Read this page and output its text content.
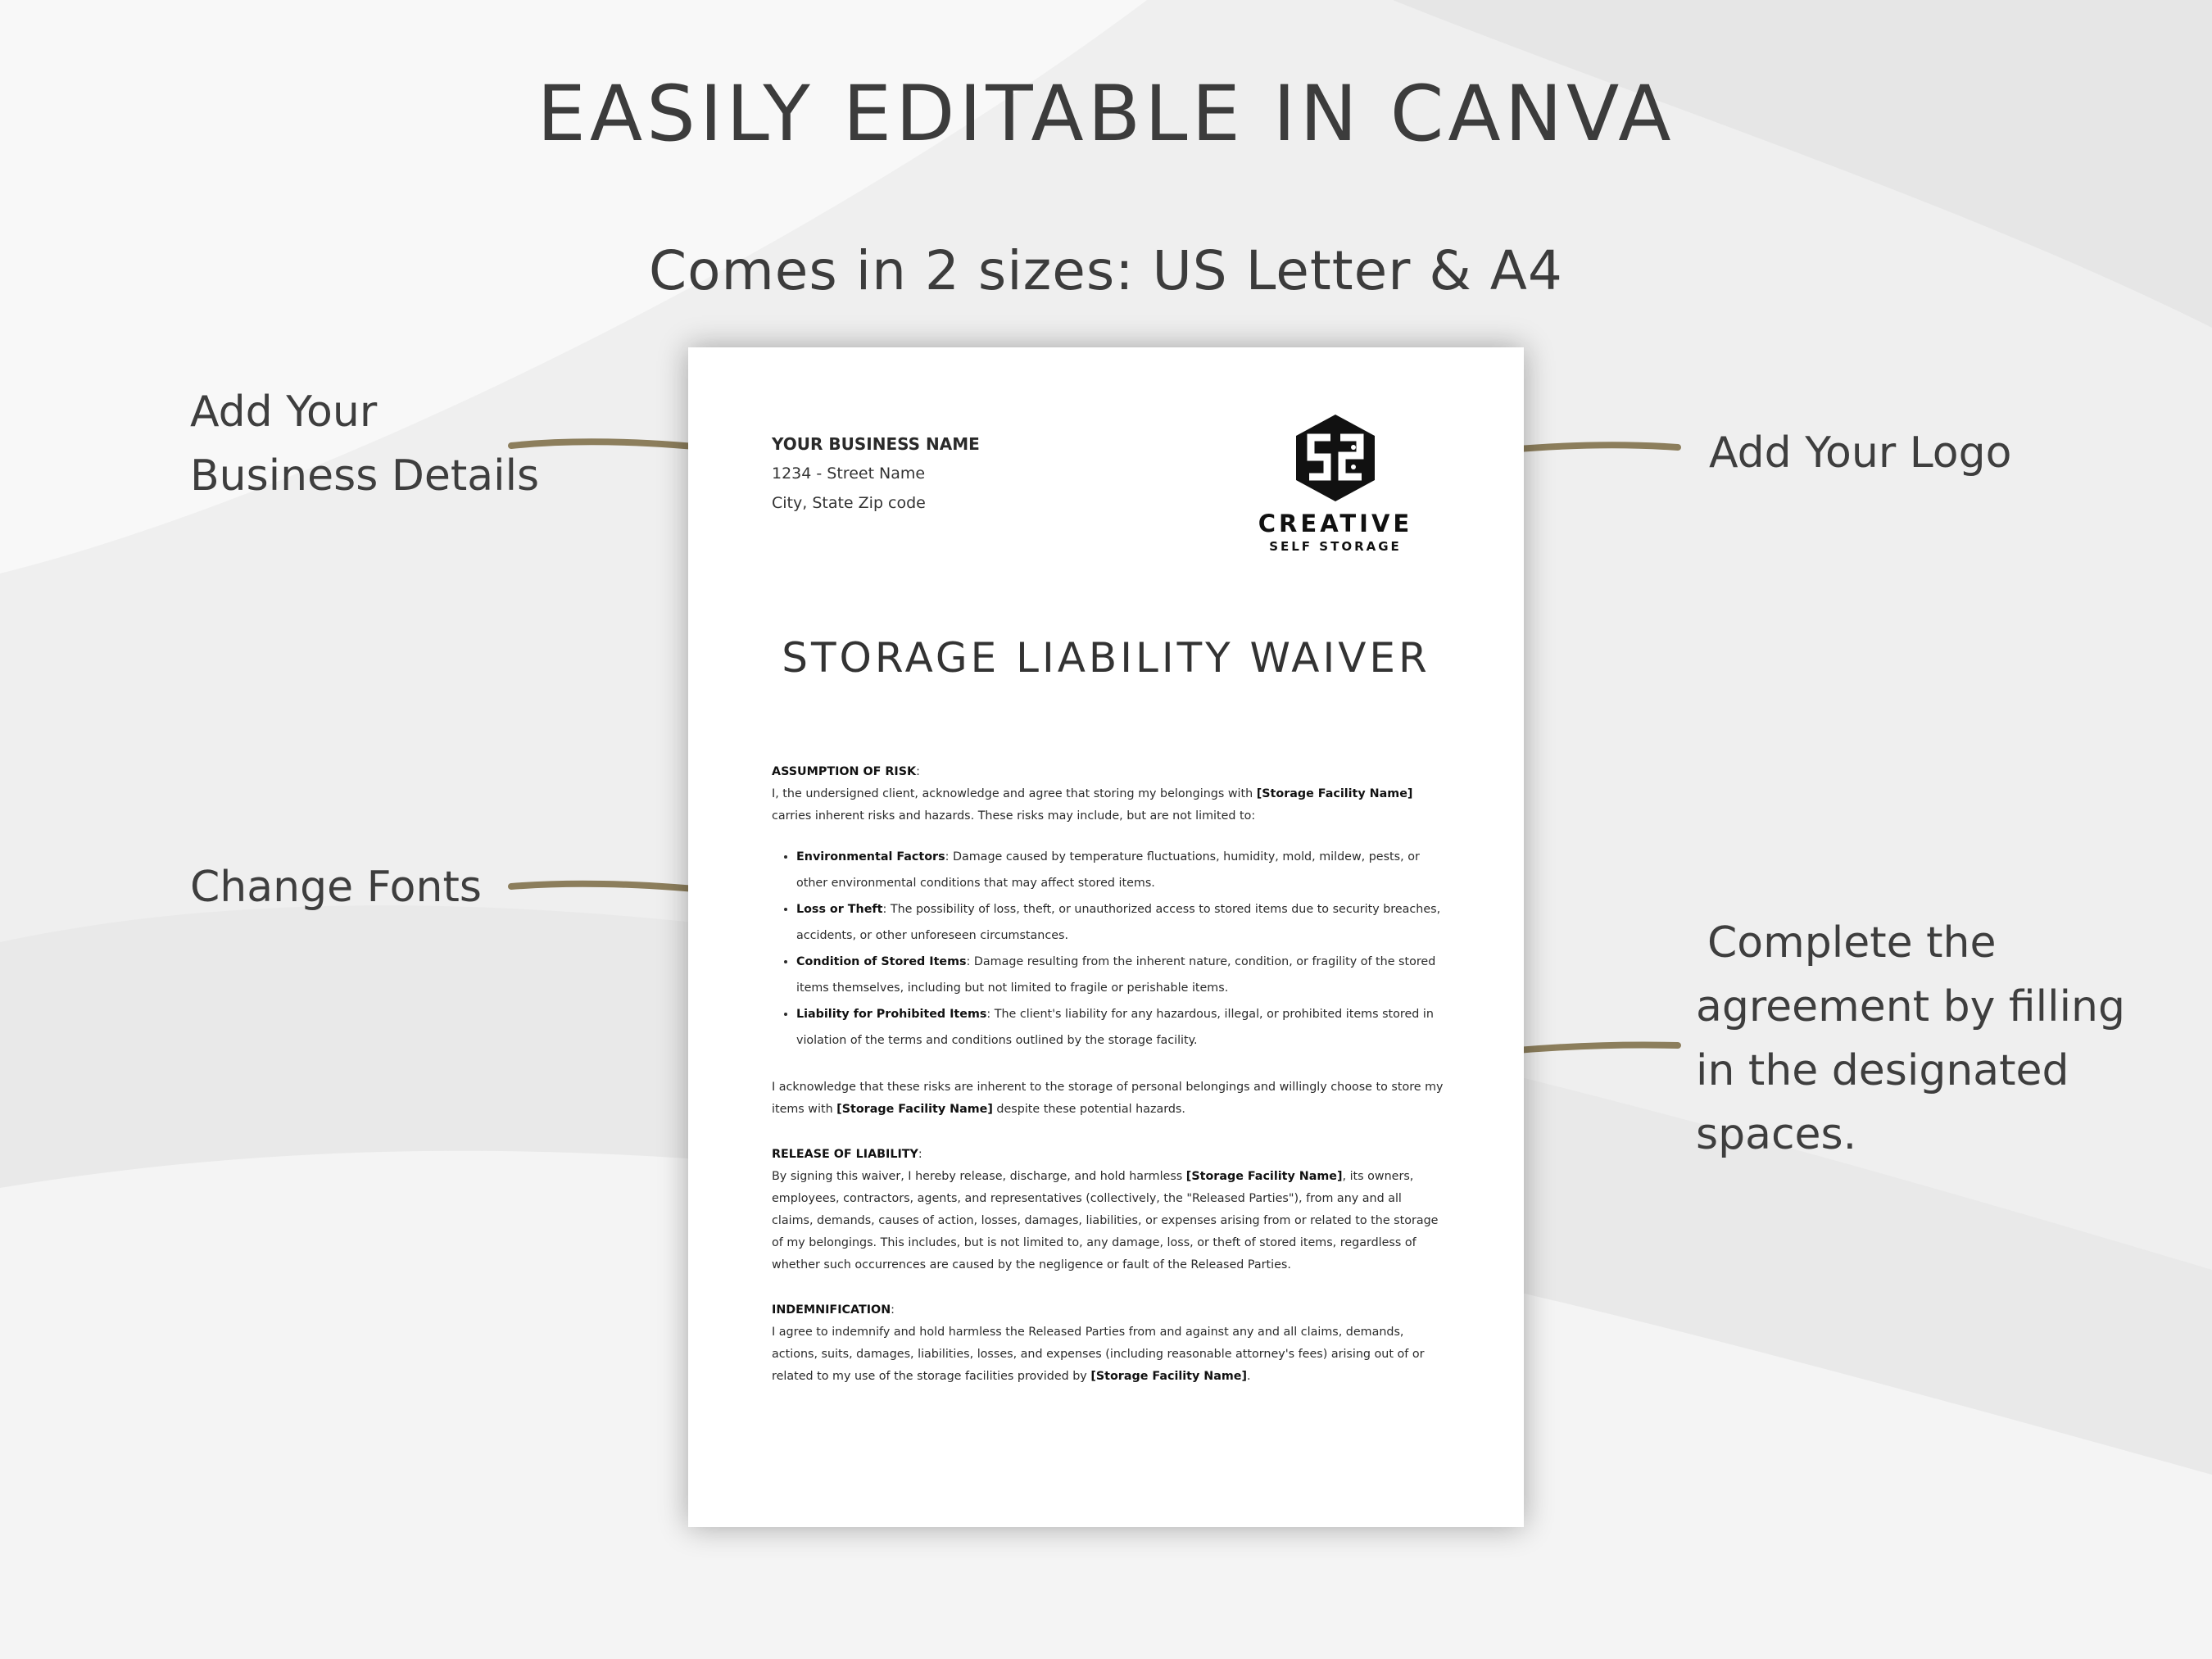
EASILY EDITABLE IN CANVA
Comes in 2 sizes: US Letter & A4
Add Your
Business Details	Add Your Logo
Change Fonts
Complete the
agreement by filling
in the designated
spaces.
YOUR BUSINESS NAME
1234 - Street Name
City, State Zip code
CREATIVE
SELF STORAGE
STORAGE LIABILITY WAIVER

ASSUMPTION OF RISK:

I, the undersigned client, acknowledge and agree that storing my belongings with [Storage Facility Name] carries inherent risks and hazards. These risks may include, but are not limited to:

• Environmental Factors: Damage caused by temperature fluctuations, humidity, mold, mildew, pests, or other environmental conditions that may affect stored items.
• Loss or Theft: The possibility of loss, theft, or unauthorized access to stored items due to security breaches, accidents, or other unforeseen circumstances.
• Condition of Stored Items: Damage resulting from the inherent nature, condition, or fragility of the stored items themselves, including but not limited to fragile or perishable items.
• Liability for Prohibited Items: The client's liability for any hazardous, illegal, or prohibited items stored in violation of the terms and conditions outlined by the storage facility.

I acknowledge that these risks are inherent to the storage of personal belongings and willingly choose to store my items with [Storage Facility Name] despite these potential hazards.

RELEASE OF LIABILITY:

By signing this waiver, I hereby release, discharge, and hold harmless [Storage Facility Name], its owners, employees, contractors, agents, and representatives (collectively, the "Released Parties"), from any and all claims, demands, causes of action, losses, damages, liabilities, or expenses arising from or related to the storage of my belongings. This includes, but is not limited to, any damage, loss, or theft of stored items, regardless of whether such occurrences are caused by the negligence or fault of the Released Parties.

INDEMNIFICATION:

I agree to indemnify and hold harmless the Released Parties from and against any and all claims, demands, actions, suits, damages, liabilities, losses, and expenses (including reasonable attorney's fees) arising out of or related to my use of the storage facilities provided by [Storage Facility Name].
